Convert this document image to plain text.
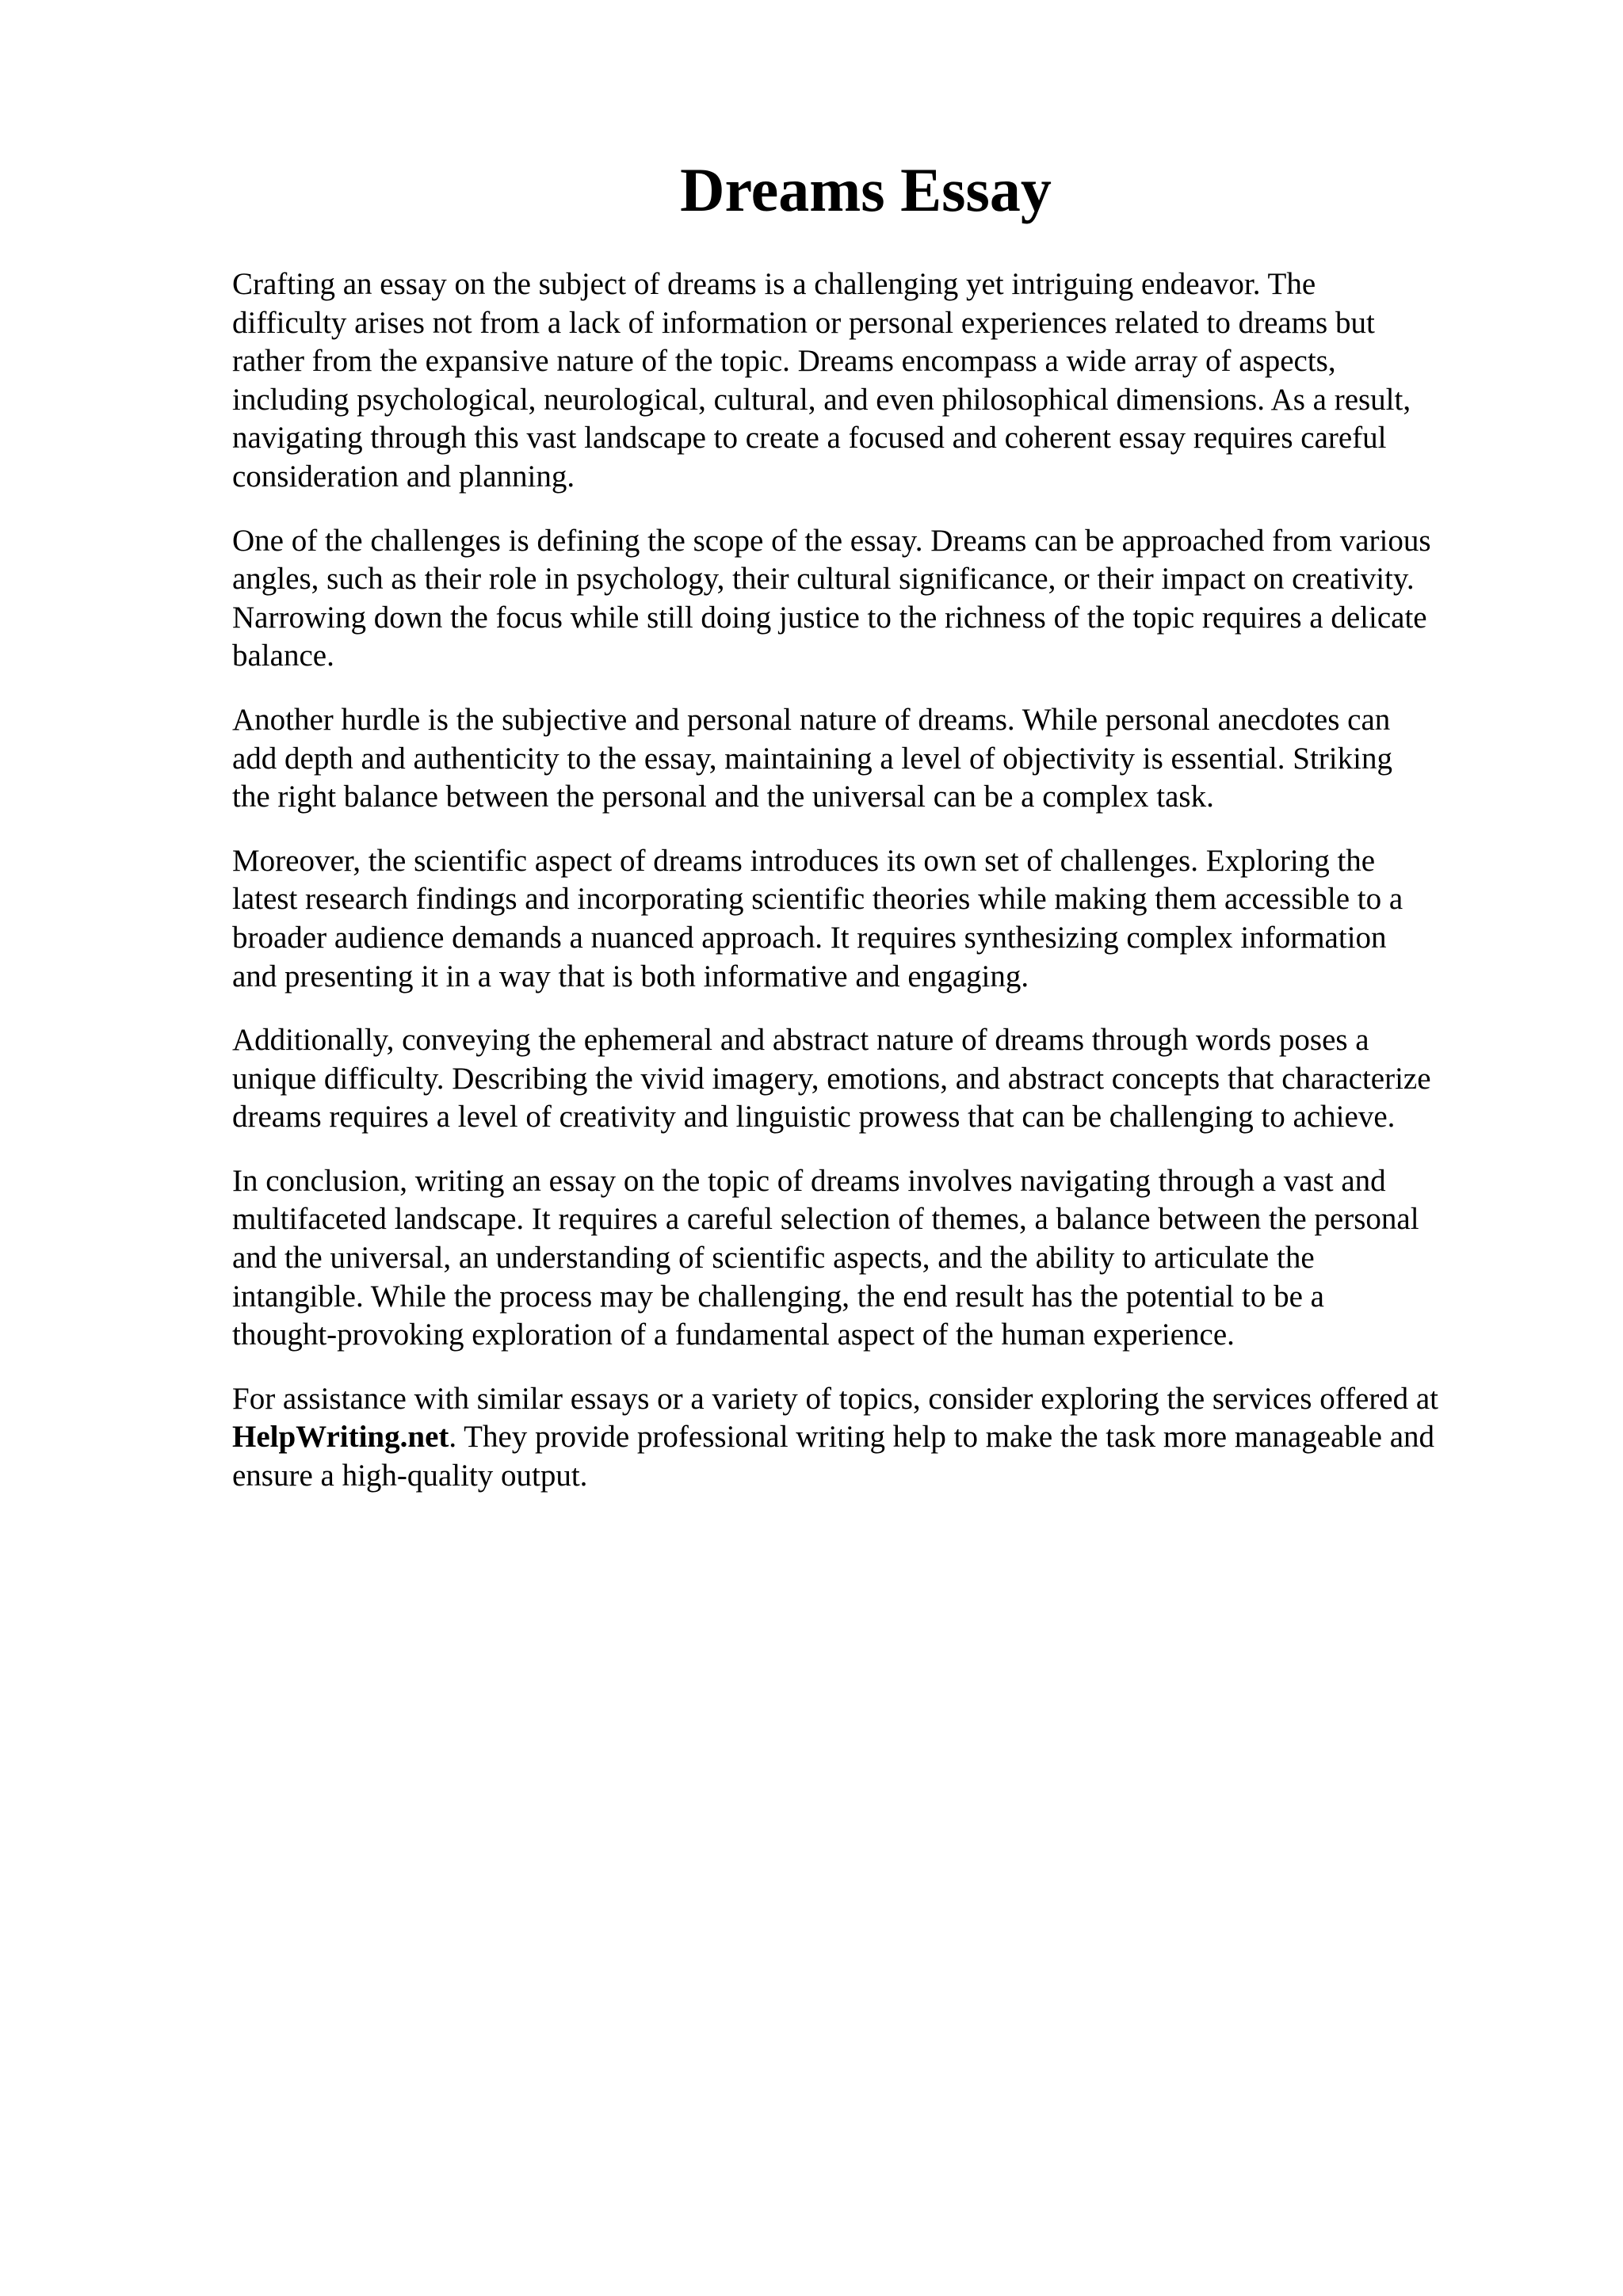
Dreams Essay

Crafting an essay on the subject of dreams is a challenging yet intriguing endeavor. The
difficulty arises not from a lack of information or personal experiences related to dreams but
rather from the expansive nature of the topic. Dreams encompass a wide array of aspects,
including psychological, neurological, cultural, and even philosophical dimensions. As a result,
navigating through this vast landscape to create a focused and coherent essay requires careful
consideration and planning.

One of the challenges is defining the scope of the essay. Dreams can be approached from various
angles, such as their role in psychology, their cultural significance, or their impact on creativity.
Narrowing down the focus while still doing justice to the richness of the topic requires a delicate
balance.

Another hurdle is the subjective and personal nature of dreams. While personal anecdotes can
add depth and authenticity to the essay, maintaining a level of objectivity is essential. Striking
the right balance between the personal and the universal can be a complex task.

Moreover, the scientific aspect of dreams introduces its own set of challenges. Exploring the
latest research findings and incorporating scientific theories while making them accessible to a
broader audience demands a nuanced approach. It requires synthesizing complex information
and presenting it in a way that is both informative and engaging.

Additionally, conveying the ephemeral and abstract nature of dreams through words poses a
unique difficulty. Describing the vivid imagery, emotions, and abstract concepts that characterize
dreams requires a level of creativity and linguistic prowess that can be challenging to achieve.

In conclusion, writing an essay on the topic of dreams involves navigating through a vast and
multifaceted landscape. It requires a careful selection of themes, a balance between the personal
and the universal, an understanding of scientific aspects, and the ability to articulate the
intangible. While the process may be challenging, the end result has the potential to be a
thought-provoking exploration of a fundamental aspect of the human experience.

For assistance with similar essays or a variety of topics, consider exploring the services offered at
HelpWriting.net. They provide professional writing help to make the task more manageable and
ensure a high-quality output.
